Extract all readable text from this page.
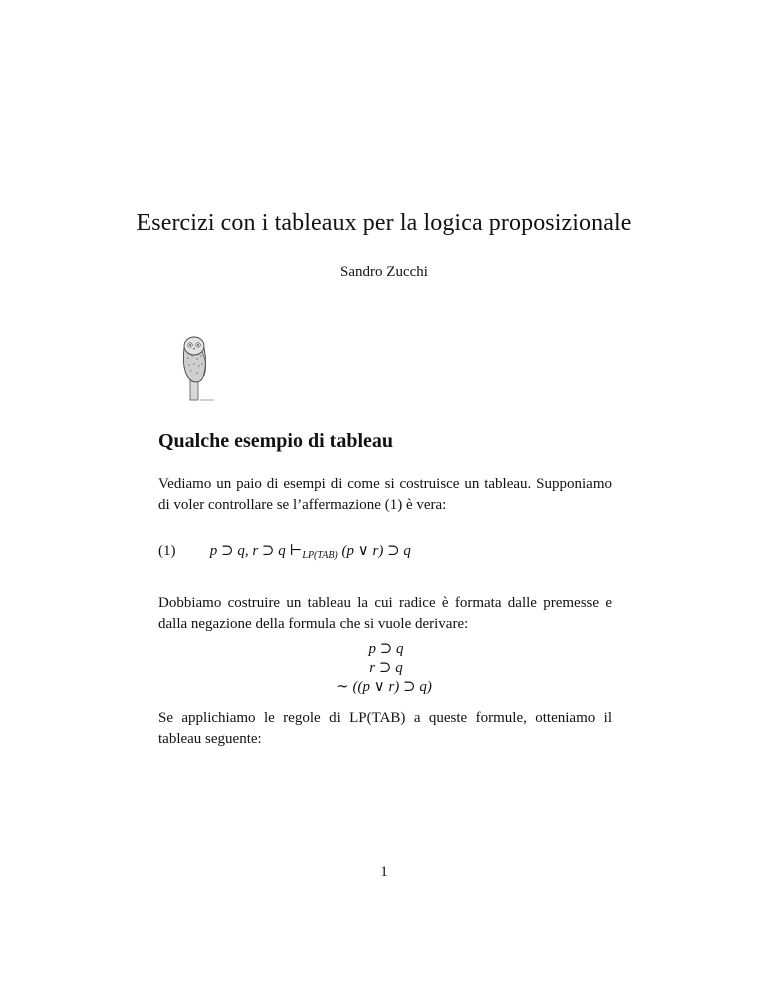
Esercizi con i tableaux per la logica proposizionale
Sandro Zucchi
Qualche esempio di tableau
Vediamo un paio di esempi di come si costruisce un tableau. Supponiamo di voler controllare se l’affermazione (1) è vera:
(1) p ⊃ q, r ⊃ q $⊢_{LP(TAB)}$ (p ∨ r) ⊃ q
Dobbiamo costruire un tableau la cui radice è formata dalle premesse e dalla negazione della formula che si vuole derivare:
p ⊃ q
r ⊃ q
∼ ((p ∨ r) ⊃ q)
Se applichiamo le regole di LP(TAB) a queste formule, otteniamo il tableau seguente:
1
